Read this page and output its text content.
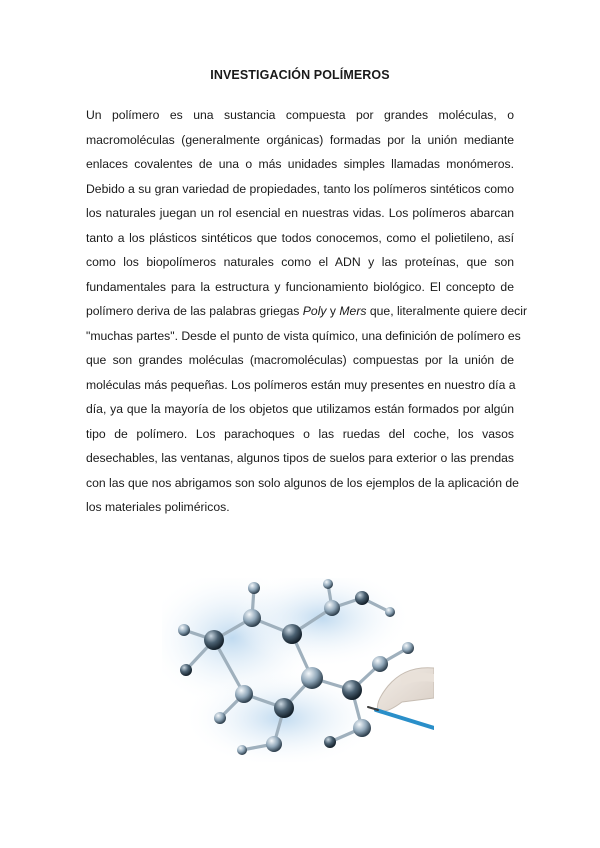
INVESTIGACIÓN POLÍMEROS
Un polímero es una sustancia compuesta por grandes moléculas, o
macromoléculas (generalmente orgánicas) formadas por la unión mediante
enlaces covalentes de una o más unidades simples llamadas monómeros.
Debido a su gran variedad de propiedades, tanto los polímeros sintéticos como
los naturales juegan un rol esencial en nuestras vidas. Los polímeros abarcan
tanto a los plásticos sintéticos que todos conocemos, como el polietileno, así
como los biopolímeros naturales como el ADN y las proteínas, que son
fundamentales para la estructura y funcionamiento biológico. El concepto de
polímero deriva de las palabras griegas Poly y Mers que, literalmente quiere decir
"muchas partes". Desde el punto de vista químico, una definición de polímero es
que son grandes moléculas (macromoléculas) compuestas por la unión de
moléculas más pequeñas. Los polímeros están muy presentes en nuestro día a
día, ya que la mayoría de los objetos que utilizamos están formados por algún
tipo de polímero. Los parachoques o las ruedas del coche, los vasos
desechables, las ventanas, algunos tipos de suelos para exterior o las prendas
con las que nos abrigamos son solo algunos de los ejemplos de la aplicación de
los materiales poliméricos.
